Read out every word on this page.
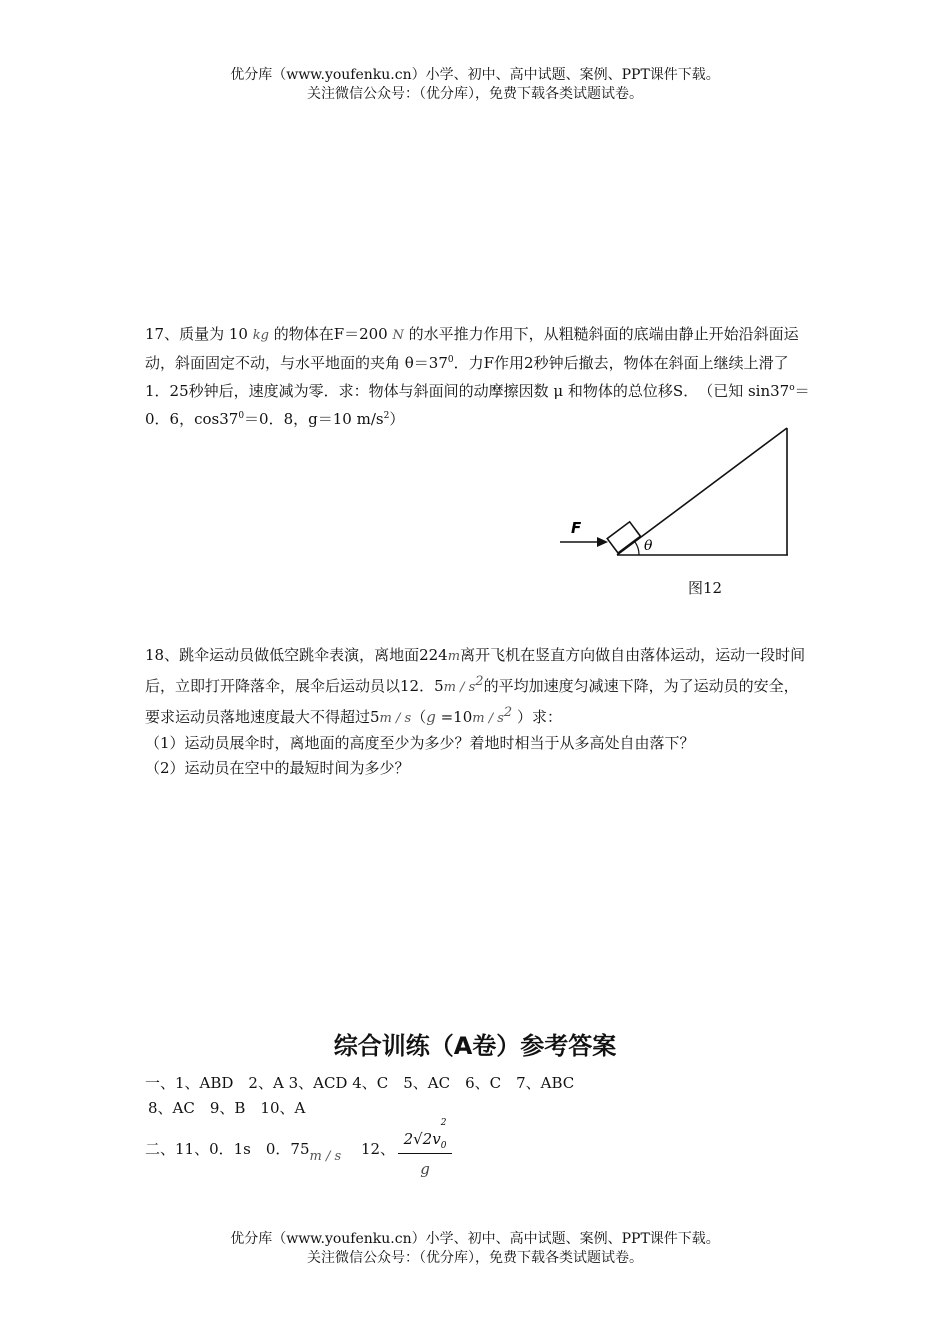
优分库（www.youfenku.cn）小学、初中、高中试题、案例、PPT课件下载。
关注微信公众号：（优分库），免费下载各类试题试卷。

17、质量为 10 kg 的物体在F＝200 N 的水平推力作用下，从粗糙斜面的底端由静止开始沿斜面运动，斜面固定不动，与水平地面的夹角 $\theta=37^0$．力F作用2秒钟后撤去，物体在斜面上继续上滑了1．25秒钟后，速度减为零．求：物体与斜面间的动摩擦因数 μ 和物体的总位移S．　（已知 $\sin 37^o=0$．6，$\cos 37^0=0$．8，g＝10 $m/s^2$）

θ
F
图12
18、跳伞运动员做低空跳伞表演，离地面224m离开飞机在竖直方向做自由落体运动，运动一段时间后，立即打开降落伞，展伞后运动员以12．$5m / s^2$的平均加速度匀减速下降，为了运动员的安全，要求运动员落地速度最大不得超过$5m / s(g =10m / s^2$ ）求：
（1）运动员展伞时，离地面的高度至少为多少？着地时相当于从多高处自由落下？
（2）运动员在空中的最短时间为多少？
综合训练（A卷）参考答案
一、1、ABD　2、A 3、ACD 4、C　5、AC　6、C　7、ABC
8、AC　9、B　10、A
二、11、0．1s　0．75m / s　 12、 2√2v
2
$_0$
g
优分库（www.youfenku.cn）小学、初中、高中试题、案例、PPT课件下载。
关注微信公众号：（优分库），免费下载各类试题试卷。
